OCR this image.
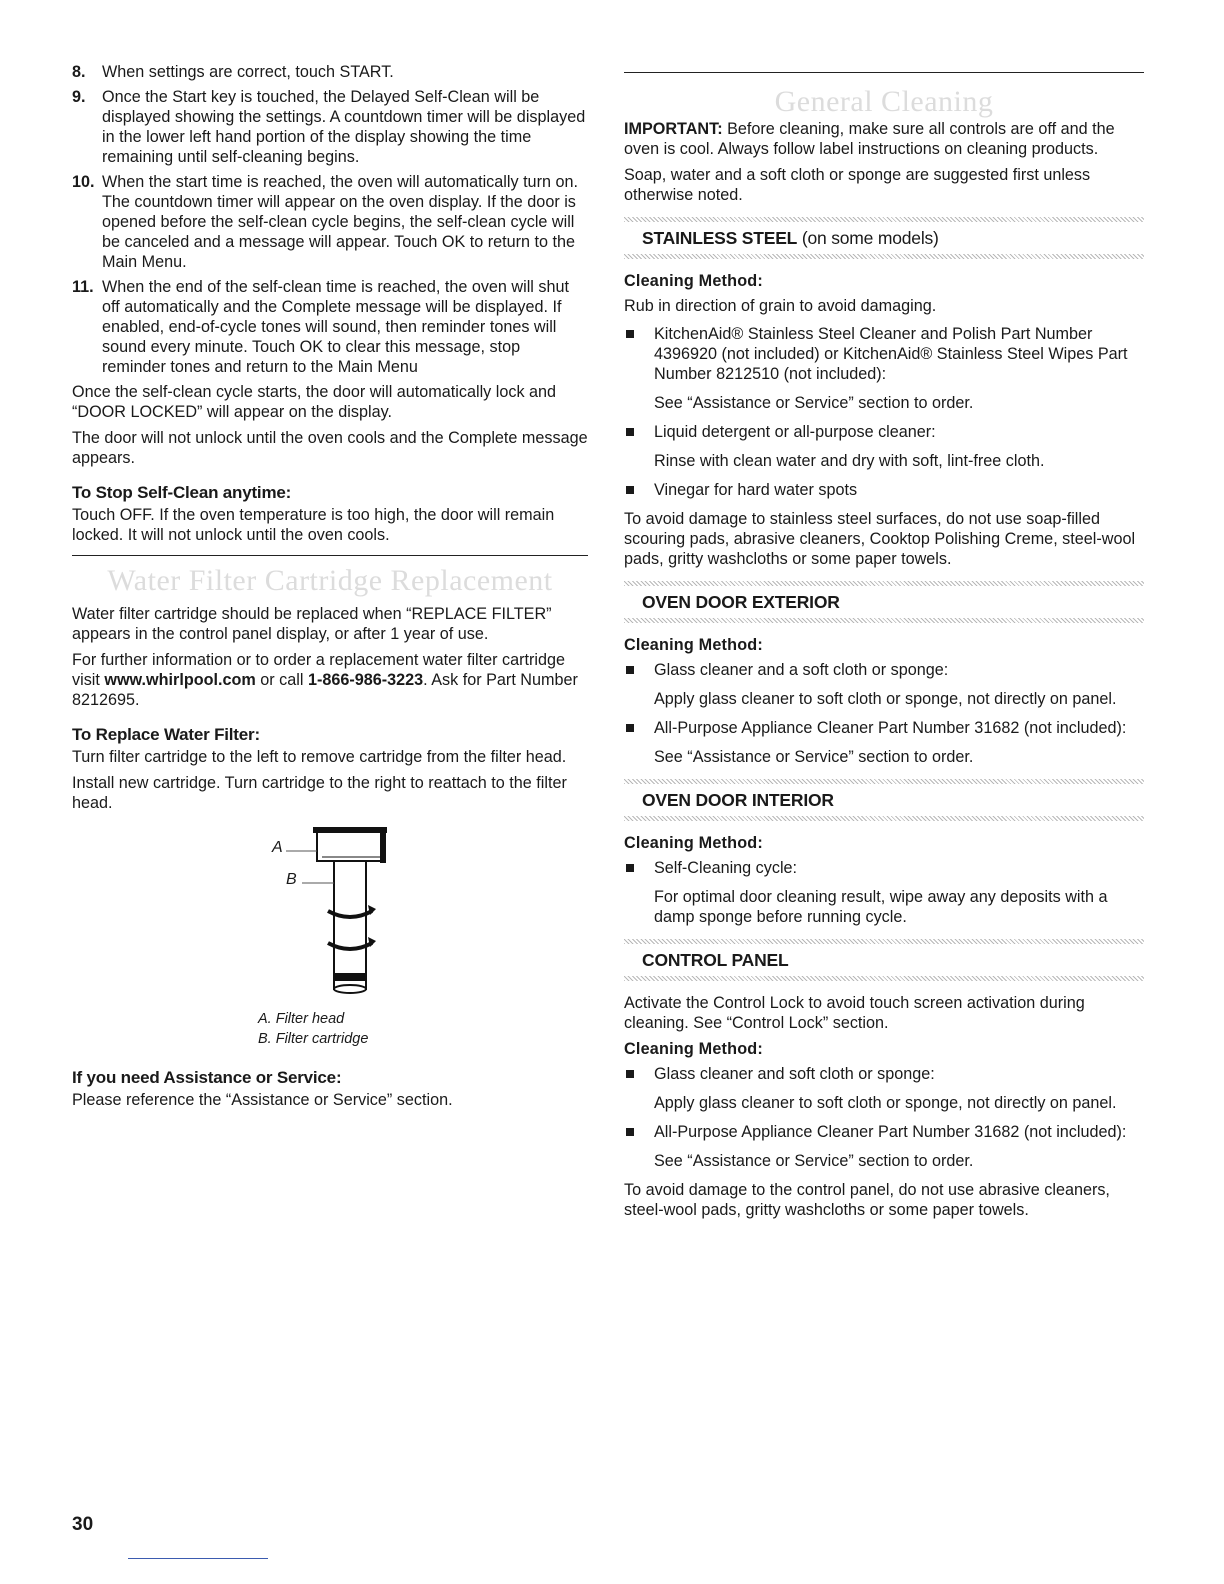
8. When settings are correct, touch START.
9. Once the Start key is touched, the Delayed Self-Clean will be displayed showing the settings. A countdown timer will be displayed in the lower left hand portion of the display showing the time remaining until self-cleaning begins.
10. When the start time is reached, the oven will automatically turn on. The countdown timer will appear on the oven display. If the door is opened before the self-clean cycle begins, the self-clean cycle will be canceled and a message will appear. Touch OK to return to the Main Menu.
11. When the end of the self-clean time is reached, the oven will shut off automatically and the Complete message will be displayed. If enabled, end-of-cycle tones will sound, then reminder tones will sound every minute. Touch OK to clear this message, stop reminder tones and return to the Main Menu

Once the self-clean cycle starts, the door will automatically lock and “DOOR LOCKED” will appear on the display.

The door will not unlock until the oven cools and the Complete message appears.

To Stop Self-Clean anytime:

Touch OFF. If the oven temperature is too high, the door will remain locked. It will not unlock until the oven cools.

Water Filter Cartridge Replacement

Water filter cartridge should be replaced when “REPLACE FILTER” appears in the control panel display, or after 1 year of use.

For further information or to order a replacement water filter cartridge visit www.whirlpool.com or call 1-866-986-3223. Ask for Part Number 8212695.

To Replace Water Filter:

Turn filter cartridge to the left to remove cartridge from the filter head.

Install new cartridge. Turn cartridge to the right to reattach to the filter head.

A
B
A. Filter head
B. Filter cartridge
If you need Assistance or Service:

Please reference the “Assistance or Service” section.

General Cleaning

IMPORTANT: Before cleaning, make sure all controls are off and the oven is cool. Always follow label instructions on cleaning products.

Soap, water and a soft cloth or sponge are suggested first unless otherwise noted.

STAINLESS STEEL (on some models)
Cleaning Method:

Rub in direction of grain to avoid damaging.

KitchenAid® Stainless Steel Cleaner and Polish Part Number 4396920 (not included) or KitchenAid® Stainless Steel Wipes Part Number 8212510 (not included):
See “Assistance or Service” section to order.
Liquid detergent or all-purpose cleaner:
Rinse with clean water and dry with soft, lint-free cloth.
Vinegar for hard water spots

To avoid damage to stainless steel surfaces, do not use soap-filled scouring pads, abrasive cleaners, Cooktop Polishing Creme, steel-wool pads, gritty washcloths or some paper towels.

OVEN DOOR EXTERIOR
Cleaning Method:
Glass cleaner and a soft cloth or sponge:
Apply glass cleaner to soft cloth or sponge, not directly on panel.
All-Purpose Appliance Cleaner Part Number 31682 (not included):
See “Assistance or Service” section to order.
OVEN DOOR INTERIOR
Cleaning Method:
Self-Cleaning cycle:
For optimal door cleaning result, wipe away any deposits with a damp sponge before running cycle.
CONTROL PANEL

Activate the Control Lock to avoid touch screen activation during cleaning. See “Control Lock” section.

Cleaning Method:
Glass cleaner and soft cloth or sponge:
Apply glass cleaner to soft cloth or sponge, not directly on panel.
All-Purpose Appliance Cleaner Part Number 31682 (not included):
See “Assistance or Service” section to order.

To avoid damage to the control panel, do not use abrasive cleaners, steel-wool pads, gritty washcloths or some paper towels.

30
